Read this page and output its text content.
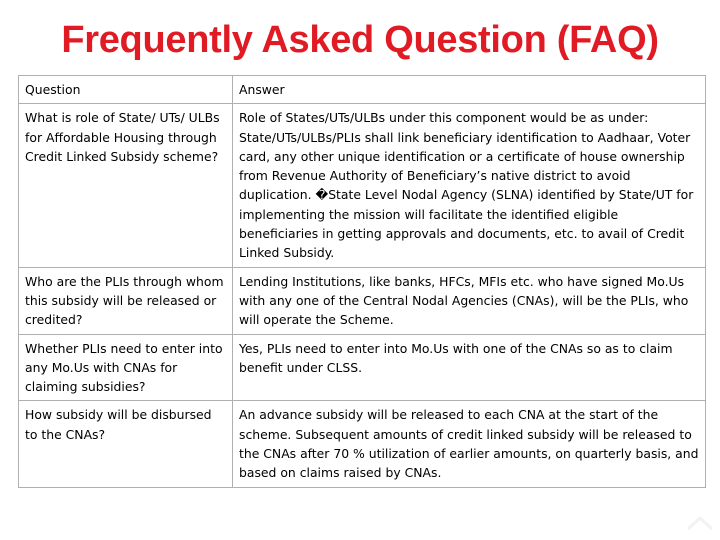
Frequently Asked Question (FAQ)
Question	Answer
What is role of State/ UTs/ ULBs for Affordable Housing through Credit Linked Subsidy scheme?	Role of States/UTs/ULBs under this component would be as under: State/UTs/ULBs/PLIs shall link beneficiary identification to Aadhaar, Voter card, any other unique identification or a certificate of house ownership from Revenue Authority of Beneficiary’s native district to avoid duplication. �State Level Nodal Agency (SLNA) identified by State/UT for implementing the mission will facilitate the identified eligible beneficiaries in getting approvals and documents, etc. to avail of Credit Linked Subsidy.
Who are the PLIs through whom this subsidy will be released or credited?	Lending Institutions, like banks, HFCs, MFIs etc. who have signed Mo.Us with any one of the Central Nodal Agencies (CNAs), will be the PLIs, who will operate the Scheme.
Whether PLIs need to enter into any Mo.Us with CNAs for claiming subsidies?	Yes, PLIs need to enter into Mo.Us with one of the CNAs so as to claim benefit under CLSS.
How subsidy will be disbursed to the CNAs?	An advance subsidy will be released to each CNA at the start of the scheme. Subsequent amounts of credit linked subsidy will be released to the CNAs after 70 % utilization of earlier amounts, on quarterly basis, and based on claims raised by CNAs.
